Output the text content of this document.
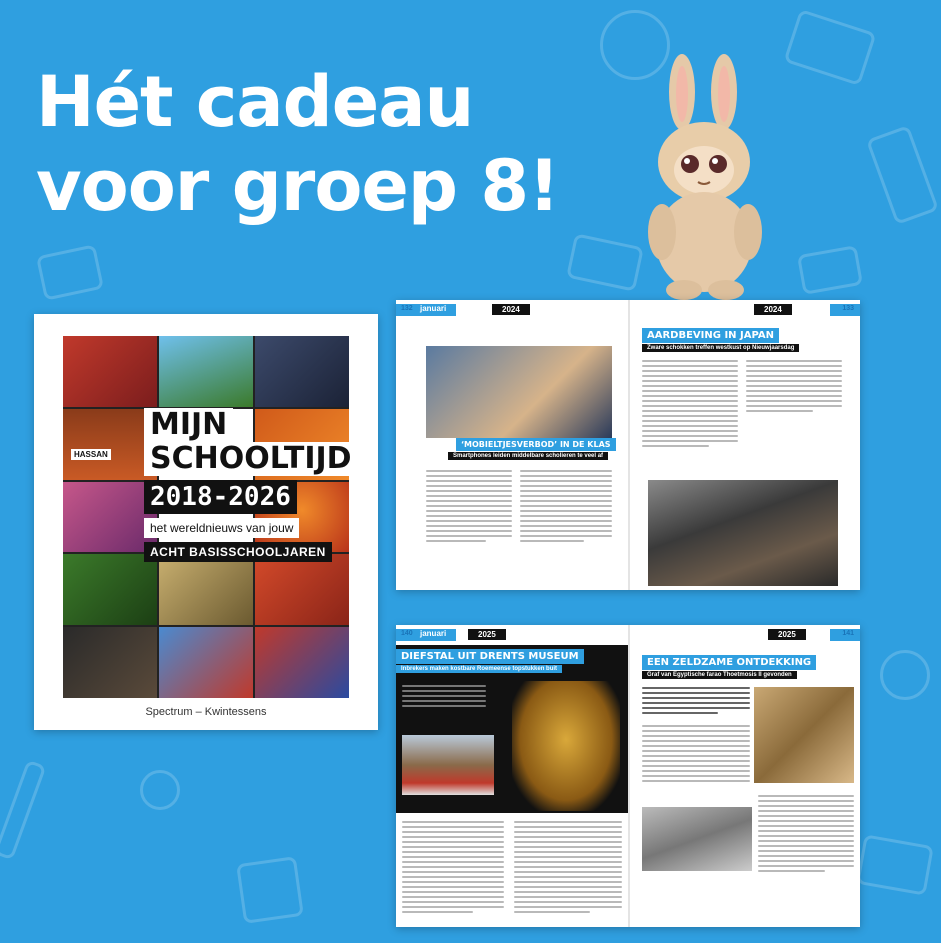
Hét cadeau
voor groep 8!
HASSAN
MIJN
SCHOOLTIJD
2018-2026
het wereldnieuws van jouw
ACHT BASISSCHOOLJAREN
Spectrum – Kwintessens
132 januari	2024
‘MOBIELTJESVERBOD’ IN DE KLAS
Smartphones leiden middelbare scholieren te veel af
2024	133
AARDBEVING IN JAPAN
Zware schokken treffen westkust op Nieuwjaarsdag
140 januari	2025
DIEFSTAL UIT DRENTS MUSEUM
Inbrekers maken kostbare Roemeense topstukken buit
2025	141
EEN ZELDZAME ONTDEKKING
Graf van Egyptische farao Thoetmosis II gevonden
